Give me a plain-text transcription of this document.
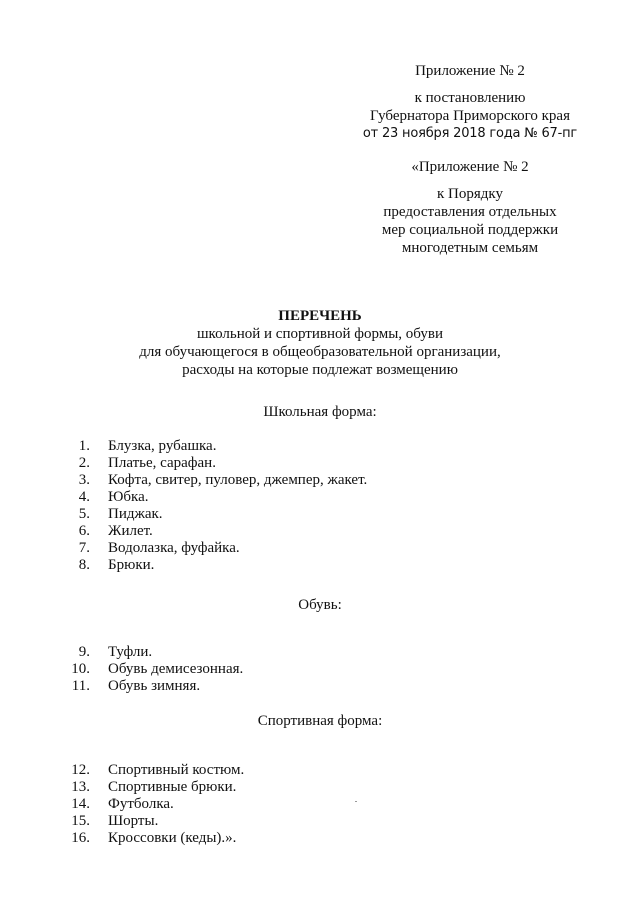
Приложение № 2
к постановлению
Губернатора Приморского края
от 23 ноября 2018 года № 67-пг
«Приложение № 2
к Порядку
предоставления отдельных
мер социальной поддержки
многодетным семьям
ПЕРЕЧЕНЬ
школьной и спортивной формы, обуви
для обучающегося в общеобразовательной организации,
расходы на которые подлежат возмещению
Школьная форма:
1. Блузка, рубашка.
2. Платье, сарафан.
3. Кофта, свитер, пуловер, джемпер, жакет.
4. Юбка.
5. Пиджак.
6. Жилет.
7. Водолазка, фуфайка.
8. Брюки.
Обувь:
9. Туфли.
10. Обувь демисезонная.
11. Обувь зимняя.
Спортивная форма:
12. Спортивный костюм.
13. Спортивные брюки.
14. Футболка.
15. Шорты.
16. Кроссовки (кеды).».
